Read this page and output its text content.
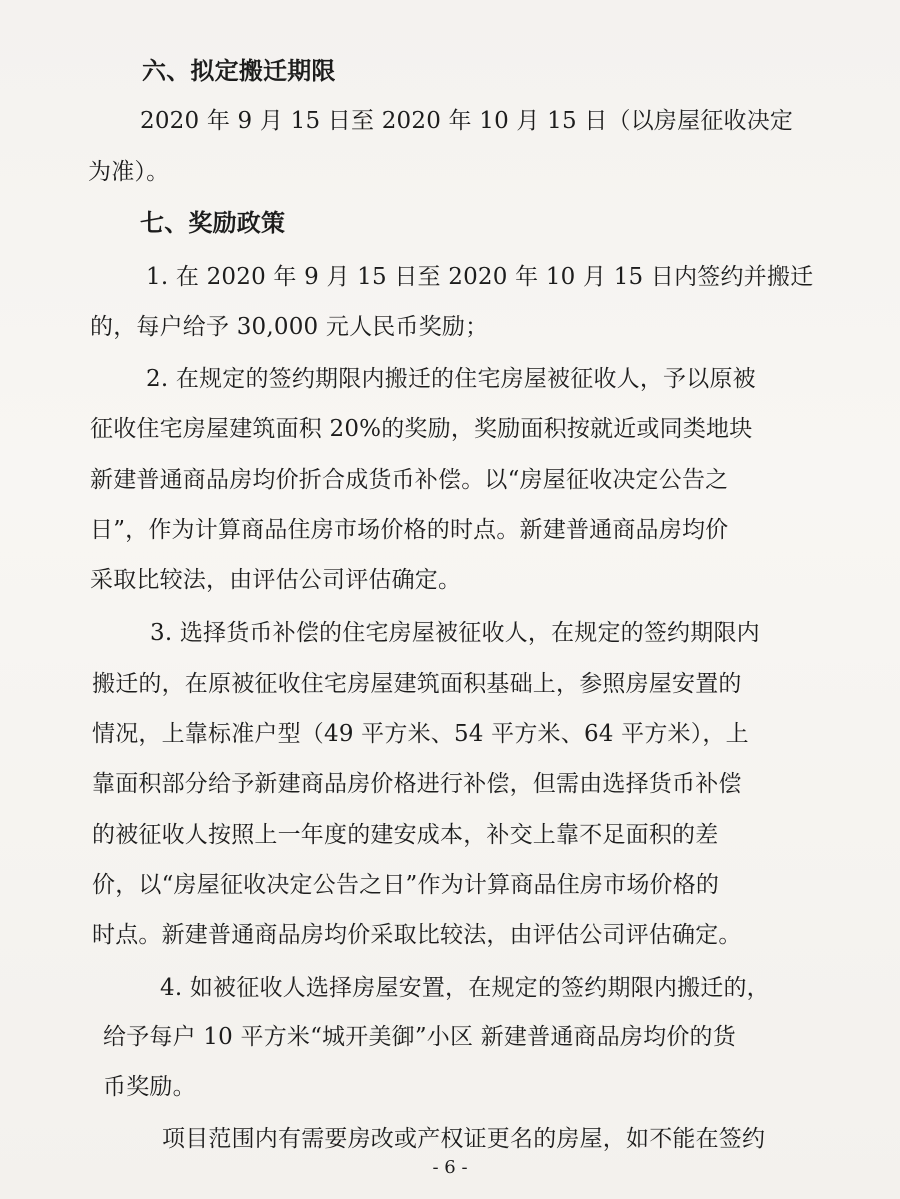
六、拟定搬迁期限
2020 年 9 月 15 日至 2020 年 10 月 15 日（以房屋征收决定
为准）。
七、奖励政策
1. 在 2020 年 9 月 15 日至 2020 年 10 月 15 日内签约并搬迁
的，每户给予 30,000 元人民币奖励；
2. 在规定的签约期限内搬迁的住宅房屋被征收人，予以原被
征收住宅房屋建筑面积 20%的奖励，奖励面积按就近或同类地块
新建普通商品房均价折合成货币补偿。以“房屋征收决定公告之
日”，作为计算商品住房市场价格的时点。新建普通商品房均价
采取比较法，由评估公司评估确定。
3. 选择货币补偿的住宅房屋被征收人，在规定的签约期限内
搬迁的，在原被征收住宅房屋建筑面积基础上，参照房屋安置的
情况，上靠标准户型（49 平方米、54 平方米、64 平方米），上
靠面积部分给予新建商品房价格进行补偿，但需由选择货币补偿
的被征收人按照上一年度的建安成本，补交上靠不足面积的差
价，以“房屋征收决定公告之日”作为计算商品住房市场价格的
时点。新建普通商品房均价采取比较法，由评估公司评估确定。
4. 如被征收人选择房屋安置，在规定的签约期限内搬迁的，
给予每户 10 平方米“城开美御”小区 新建普通商品房均价的货
币奖励。
项目范围内有需要房改或产权证更名的房屋，如不能在签约
- 6 -
